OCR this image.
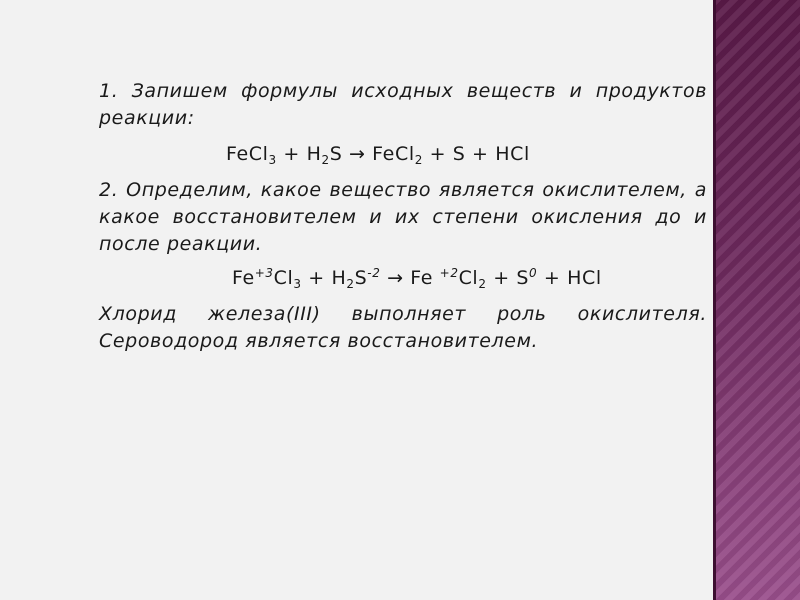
1. Запишем формулы исходных веществ и продуктов реакции:

FeCl$_3$ + $H_2S$ → FeCl$_2$ + S + HCl

2. Определим, какое вещество является окислителем, а какое восстановителем и их степени окисления до и после реакции.

$Fe^{+3}Cl_3 + H_2S^{-2} \to Fe$ $^{+2}Cl_2 + S^0$ + HCl

Хлорид железа(III) выполняет роль окислителя. Сероводород является восстановителем.
